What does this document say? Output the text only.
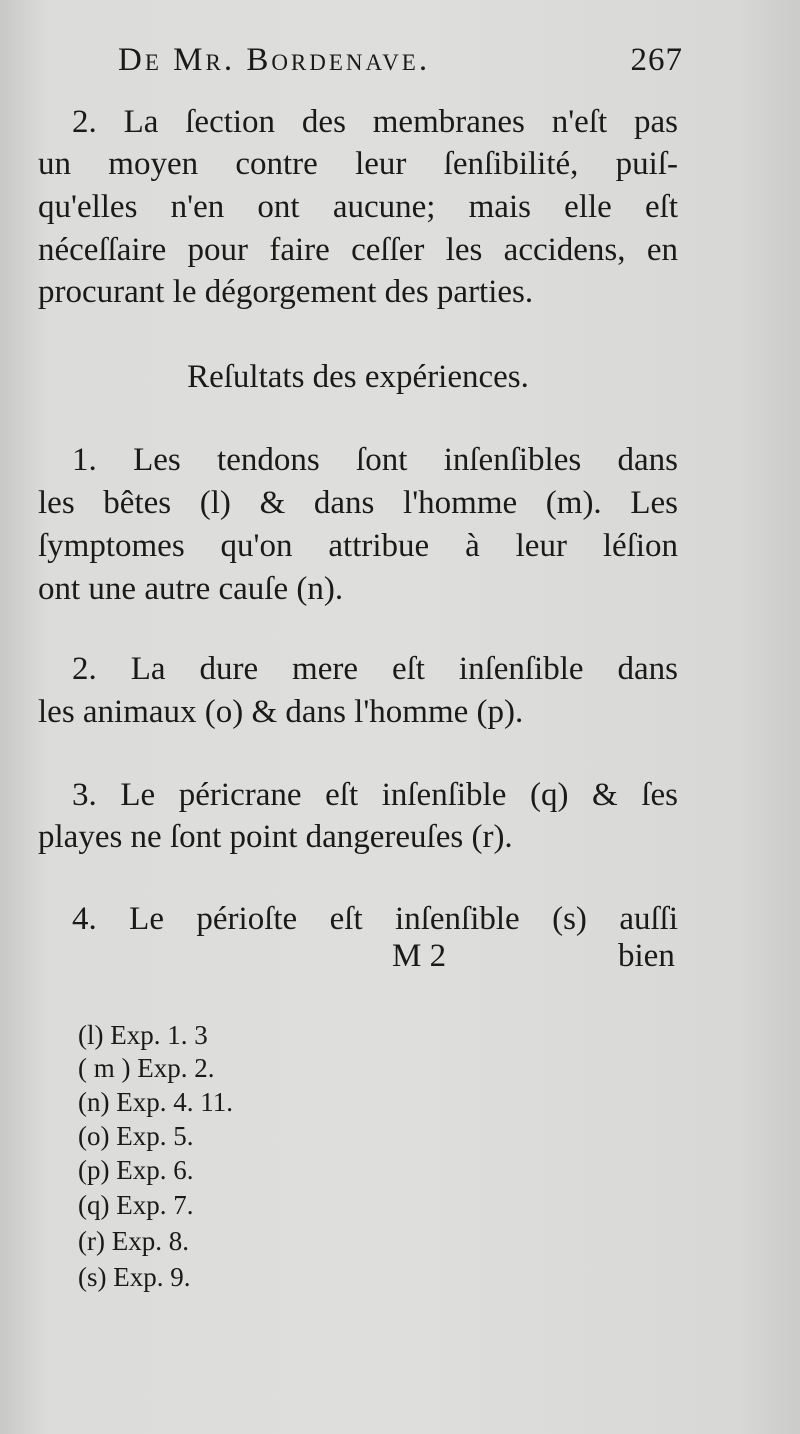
De Mr. Bordenave.	267
2. La ſection des membranes n'eſt pas
un moyen contre leur ſenſibilité, puiſ-
qu'elles n'en ont aucune; mais elle eſt
néceſſaire pour faire ceſſer les accidens, en
procurant le dégorgement des parties.
Reſultats des expériences.
1. Les tendons ſont inſenſibles dans
les bêtes (l) & dans l'homme (m). Les
ſymptomes qu'on attribue à leur léſion
ont une autre cauſe (n).
2. La dure mere eſt inſenſible dans
les animaux (o) & dans l'homme (p).
3. Le péricrane eſt inſenſible (q) & ſes
playes ne ſont point dangereuſes (r).
4. Le périoſte eſt inſenſible (s) auſſi
M 2	bien
(l) Exp. 1. 3
( m ) Exp. 2.
(n) Exp. 4. 11.
(o) Exp. 5.
(p) Exp. 6.
(q) Exp. 7.
(r) Exp. 8.
(s) Exp. 9.
